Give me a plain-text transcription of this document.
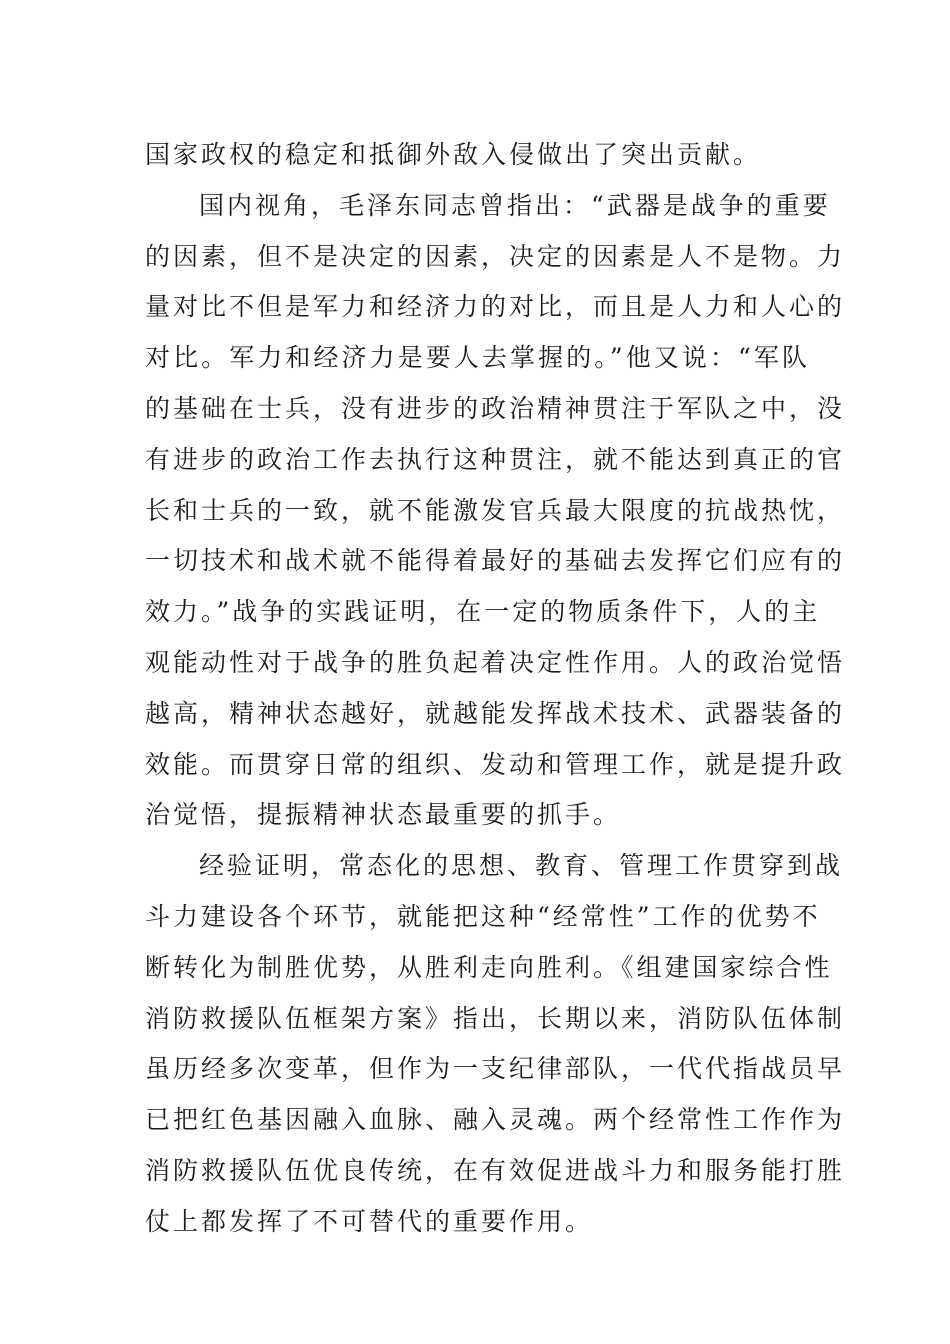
国家政权的稳定和抵御外敌入侵做出了突出贡献。
国内视角，毛泽东同志曾指出：“武器是战争的重要
的因素，但不是决定的因素，决定的因素是人不是物。力
量对比不但是军力和经济力的对比，而且是人力和人心的
对比。军力和经济力是要人去掌握的。”他又说：“军队
的基础在士兵，没有进步的政治精神贯注于军队之中，没
有进步的政治工作去执行这种贯注，就不能达到真正的官
长和士兵的一致，就不能激发官兵最大限度的抗战热忱，
一切技术和战术就不能得着最好的基础去发挥它们应有的
效力。”战争的实践证明，在一定的物质条件下，人的主
观能动性对于战争的胜负起着决定性作用。人的政治觉悟
越高，精神状态越好，就越能发挥战术技术、武器装备的
效能。而贯穿日常的组织、发动和管理工作，就是提升政
治觉悟，提振精神状态最重要的抓手。
经验证明，常态化的思想、教育、管理工作贯穿到战
斗力建设各个环节，就能把这种“经常性”工作的优势不
断转化为制胜优势，从胜利走向胜利。《组建国家综合性
消防救援队伍框架方案》指出，长期以来，消防队伍体制
虽历经多次变革，但作为一支纪律部队，一代代指战员早
已把红色基因融入血脉、融入灵魂。两个经常性工作作为
消防救援队伍优良传统，在有效促进战斗力和服务能打胜
仗上都发挥了不可替代的重要作用。
